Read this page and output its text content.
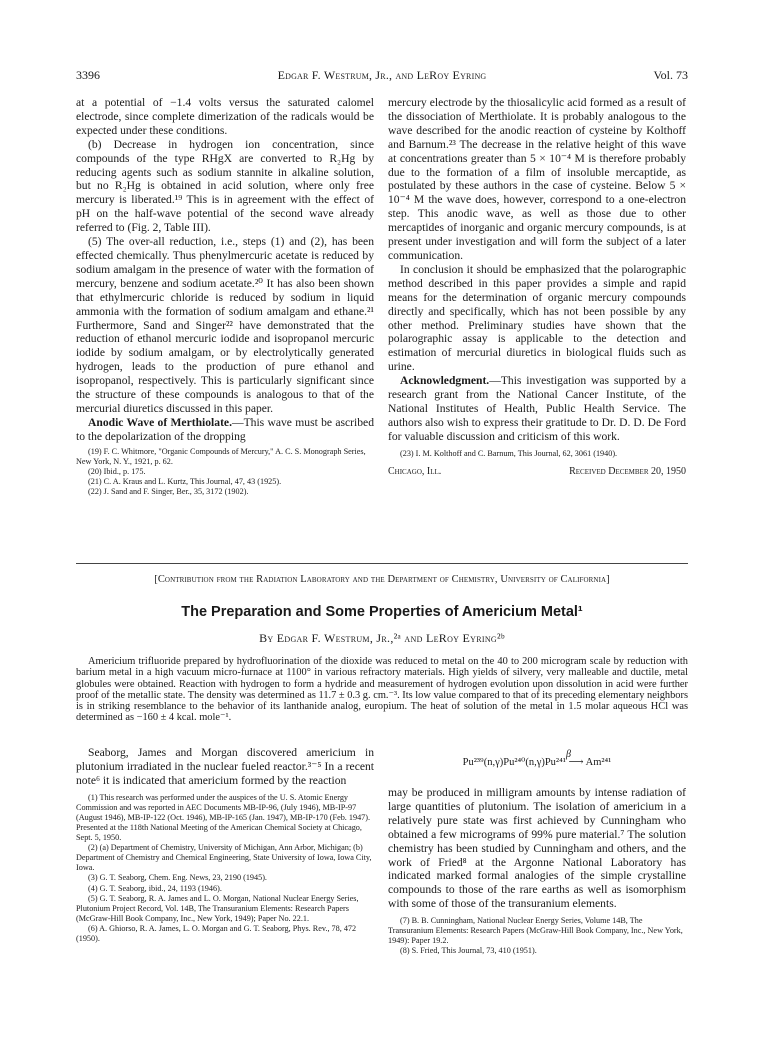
3396	Edgar F. Westrum, Jr., and LeRoy Eyring	Vol. 73

at a potential of −1.4 volts versus the saturated calomel electrode, since complete dimerization of the radicals would be expected under these conditions.

(b) Decrease in hydrogen ion concentration, since compounds of the type RHgX are converted to R₂Hg by reducing agents such as sodium stannite in alkaline solution, but no R₂Hg is obtained in acid solution, where only free mercury is liberated.¹⁹ This is in agreement with the effect of pH on the half-wave potential of the second wave already referred to (Fig. 2, Table III).

(5) The over-all reduction, i.e., steps (1) and (2), has been effected chemically. Thus phenylmercuric acetate is reduced by sodium amalgam in the presence of water with the formation of mercury, benzene and sodium acetate.²⁰ It has also been shown that ethylmercuric chloride is reduced by sodium in liquid ammonia with the formation of sodium amalgam and ethane.²¹ Furthermore, Sand and Singer²² have demonstrated that the reduction of ethanol mercuric iodide and isopropanol mercuric iodide by sodium amalgam, or by electrolytically generated hydrogen, leads to the production of pure ethanol and isopropanol, respectively. This is particularly significant since the structure of these compounds is analogous to that of the mercurial diuretics discussed in this paper.

Anodic Wave of Merthiolate.—This wave must be ascribed to the depolarization of the dropping

(19) F. C. Whitmore, "Organic Compounds of Mercury," A. C. S. Monograph Series, New York, N. Y., 1921, p. 62.

(20) Ibid., p. 175.

(21) C. A. Kraus and L. Kurtz, This Journal, 47, 43 (1925).

(22) J. Sand and F. Singer, Ber., 35, 3172 (1902).

mercury electrode by the thiosalicylic acid formed as a result of the dissociation of Merthiolate. It is probably analogous to the wave described for the anodic reaction of cysteine by Kolthoff and Barnum.²³ The decrease in the relative height of this wave at concentrations greater than 5 × 10⁻⁴ M is therefore probably due to the formation of a film of insoluble mercaptide, as postulated by these authors in the case of cysteine. Below 5 × 10⁻⁴ M the wave does, however, correspond to a one-electron step. This anodic wave, as well as those due to other mercaptides of inorganic and organic mercury compounds, is at present under investigation and will form the subject of a later communication.

In conclusion it should be emphasized that the polarographic method described in this paper provides a simple and rapid means for the determination of organic mercury compounds directly and specifically, which has not been possible by any other method. Preliminary studies have shown that the polarographic assay is applicable to the detection and estimation of mercurial diuretics in biological fluids such as urine.

Acknowledgment.—This investigation was supported by a research grant from the National Cancer Institute, of the National Institutes of Health, Public Health Service. The authors also wish to express their gratitude to Dr. D. D. De Ford for valuable discussion and criticism of this work.

(23) I. M. Kolthoff and C. Barnum, This Journal, 62, 3061 (1940).

Chicago, Ill.	Received December 20, 1950
[Contribution from the Radiation Laboratory and the Department of Chemistry, University of California]
The Preparation and Some Properties of Americium Metal¹
By Edgar F. Westrum, Jr.,²ᵃ and LeRoy Eyring²ᵇ

Americium trifluoride prepared by hydrofluorination of the dioxide was reduced to metal on the 40 to 200 microgram scale by reduction with barium metal in a high vacuum micro-furnace at 1100° in various refractory materials. High yields of silvery, very malleable and ductile, metal globules were obtained. Reaction with hydrogen to form a hydride and measurement of hydrogen evolution upon dissolution in acid were further proof of the metallic state. The density was determined as 11.7 ± 0.3 g. cm.⁻³. Its low value compared to that of its preceding elementary neighbors is in striking resemblance to the behavior of its lanthanide analog, europium. The heat of solution of the metal in 1.5 molar aqueous HCl was determined as −160 ± 4 kcal. mole⁻¹.

Seaborg, James and Morgan discovered americium in plutonium irradiated in the nuclear fueled reactor.³⁻⁵ In a recent note⁶ it is indicated that americium formed by the reaction

(1) This research was performed under the auspices of the U. S. Atomic Energy Commission and was reported in AEC Documents MB-IP-96, (July 1946), MB-IP-97 (August 1946), MB-IP-122 (Oct. 1946), MB-IP-165 (Jan. 1947), MB-IP-170 (Feb. 1947). Presented at the 118th National Meeting of the American Chemical Society at Chicago, Sept. 5, 1950.

(2) (a) Department of Chemistry, University of Michigan, Ann Arbor, Michigan; (b) Department of Chemistry and Chemical Engineering, State University of Iowa, Iowa City, Iowa.

(3) G. T. Seaborg, Chem. Eng. News, 23, 2190 (1945).

(4) G. T. Seaborg, ibid., 24, 1193 (1946).

(5) G. T. Seaborg, R. A. James and L. O. Morgan, National Nuclear Energy Series, Plutonium Project Record, Vol. 14B, The Transuranium Elements: Research Papers (McGraw-Hill Book Company, Inc., New York, 1949); Paper No. 22.1.

(6) A. Ghiorso, R. A. James, L. O. Morgan and G. T. Seaborg, Phys. Rev., 78, 472 (1950).

β
Pu²³⁹(n,γ)Pu²⁴⁰(n,γ)Pu²⁴¹ ⟶ Am²⁴¹

may be produced in milligram amounts by intense radiation of large quantities of plutonium. The isolation of americium in a relatively pure state was first achieved by Cunningham who obtained a few micrograms of 99% pure material.⁷ The solution chemistry has been studied by Cunningham and others, and the work of Fried⁸ at the Argonne National Laboratory has indicated marked formal analogies of the simple crystalline compounds to those of the rare earths as well as isomorphism with some of those of the transuranium elements.

(7) B. B. Cunningham, National Nuclear Energy Series, Volume 14B, The Transuranium Elements: Research Papers (McGraw-Hill Book Company, Inc., New York, 1949): Paper 19.2.

(8) S. Fried, This Journal, 73, 410 (1951).
